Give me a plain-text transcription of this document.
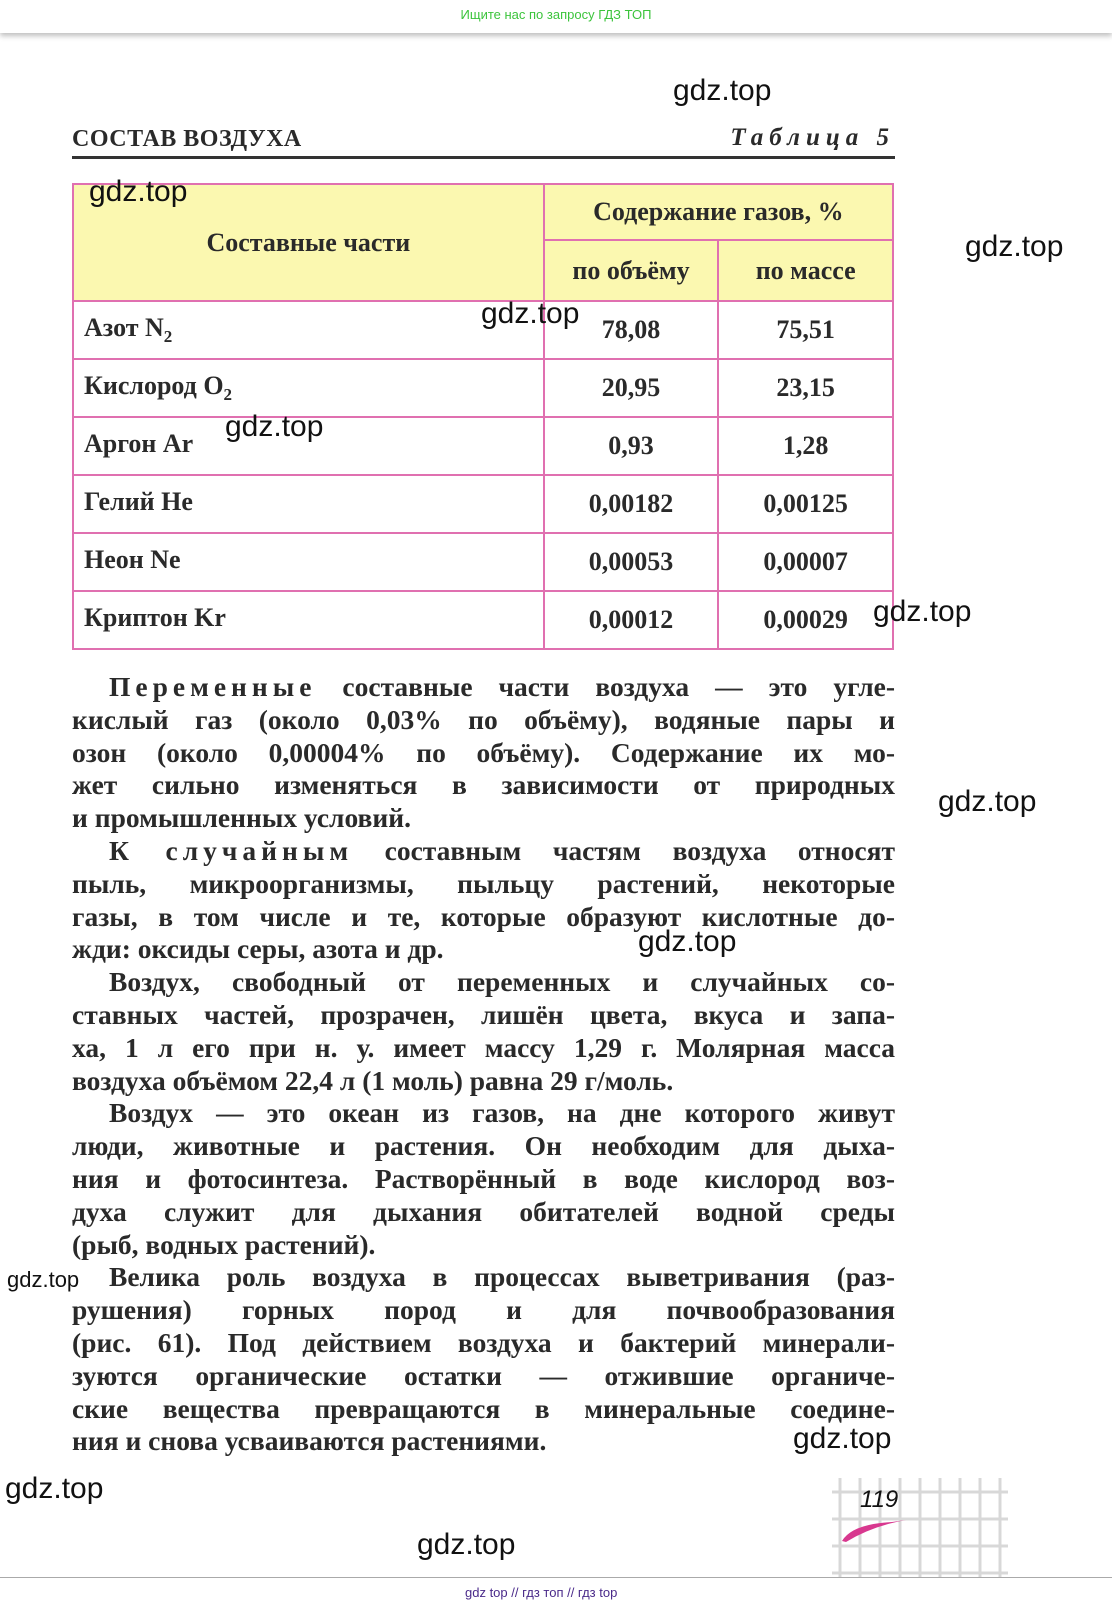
Ищите нас по запросу ГДЗ ТОП
СОСТАВ ВОЗДУХА	Таблица 5
Составные части	Содержание газов, %	
	по объёму	по массе
Азот $N_2$	78,08	75,51
Кислород $O_2$	20,95	23,15
Аргон Ar	0,93	1,28
Гелий He	0,00182	0,00125
Неон Ne	0,00053	0,00007
Криптон Kr	0,00012	0,00029
Переменные составные части воздуха — это угле-
кислый газ (около 0,03% по объёму), водяные пары и
озон (около 0,00004% по объёму). Содержание их мо-
жет сильно изменяться в зависимости от природных
и промышленных условий.
К случайным составным частям воздуха относят
пыль, микроорганизмы, пыльцу растений, некоторые
газы, в том числе и те, которые образуют кислотные до-
жди: оксиды серы, азота и др.
Воздух, свободный от переменных и случайных со-
ставных частей, прозрачен, лишён цвета, вкуса и запа-
ха, 1 л его при н. у. имеет массу 1,29 г. Молярная масса
воздуха объёмом 22,4 л (1 моль) равна 29 г/моль.
Воздух — это океан из газов, на дне которого живут
люди, животные и растения. Он необходим для дыха-
ния и фотосинтеза. Растворённый в воде кислород воз-
духа служит для дыхания обитателей водной среды
(рыб, водных растений).
Велика роль воздуха в процессах выветривания (раз-
рушения) горных пород и для почвообразования
(рис. 61). Под действием воздуха и бактерий минерали-
зуются органические остатки — отжившие органиче-
ские вещества превращаются в минеральные соедине-
ния и снова усваиваются растениями.
gdz.top
gdz.top
gdz.top
gdz.top
gdz.top
gdz.top
gdz.top
gdz.top
gdz.top
gdz.top
gdz.top
gdz.top
119
gdz top // гдз топ // гдз top
